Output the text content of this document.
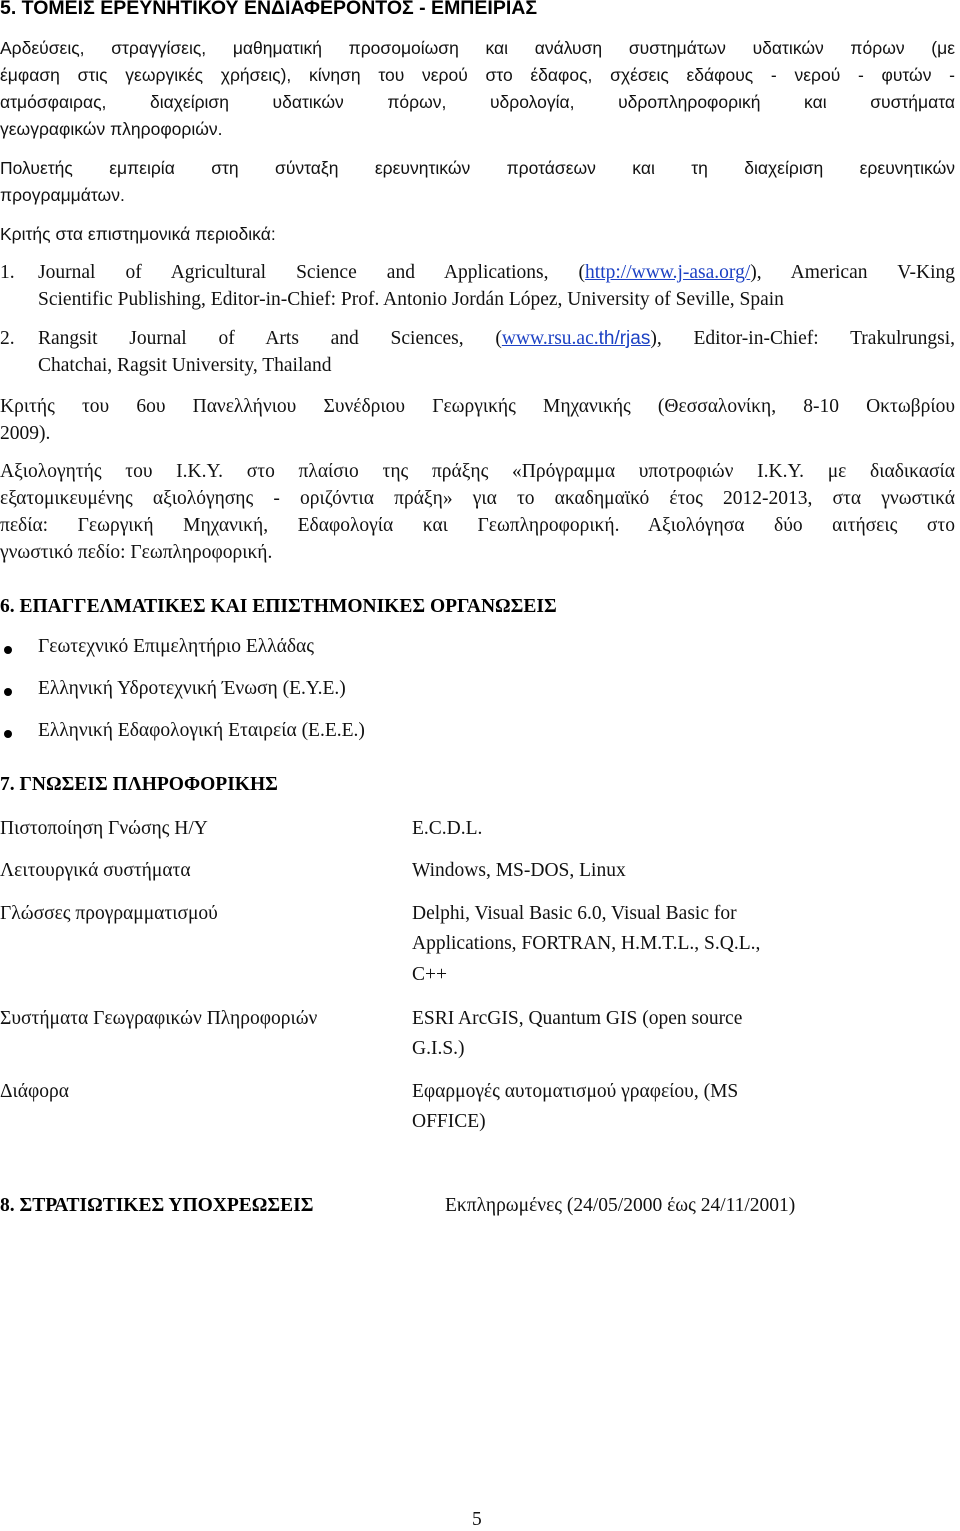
5. ΤΟΜΕΙΣ ΕΡΕΥΝΗΤΙΚΟΥ ΕΝΔΙΑΦΕΡΟΝΤΟΣ - ΕΜΠΕΙΡΙΑΣ
Αρδεύσεις, στραγγίσεις, μαθηματική προσομοίωση και ανάλυση συστημάτων υδατικών πόρων (με
έμφαση στις γεωργικές χρήσεις), κίνηση του νερού στο έδαφος, σχέσεις εδάφους - νερού - φυτών -
ατμόσφαιρας, διαχείριση υδατικών πόρων, υδρολογία, υδροπληροφορική και συστήματα
γεωγραφικών πληροφοριών.
Πολυετής εμπειρία στη σύνταξη ερευνητικών προτάσεων και τη διαχείριση ερευνητικών
προγραμμάτων.
Κριτής στα επιστημονικά περιοδικά:
1. Journal of Agricultural Science and Applications, (http://www.j-asa.org/), American V-King
Scientific Publishing, Editor-in-Chief: Prof. Antonio Jordán López, University of Seville, Spain
2. Rangsit Journal of Arts and Sciences, (www.rsu.ac.th/rjas), Editor-in-Chief: Trakulrungsi,
Chatchai, Ragsit University, Thailand
Κριτής του 6ου Πανελλήνιου Συνέδριου Γεωργικής Μηχανικής (Θεσσαλονίκη, 8-10 Οκτωβρίου
2009).
Αξιολογητής του Ι.Κ.Υ. στο πλαίσιο της πράξης «Πρόγραμμα υποτροφιών Ι.Κ.Υ. με διαδικασία
εξατομικευμένης αξιολόγησης - οριζόντια πράξη» για το ακαδημαϊκό έτος 2012-2013, στα γνωστικά
πεδία: Γεωργική Μηχανική, Εδαφολογία και Γεωπληροφορική. Αξιολόγησα δύο αιτήσεις στο
γνωστικό πεδίο: Γεωπληροφορική.
6. ΕΠΑΓΓΕΛΜΑΤΙΚΕΣ ΚΑΙ ΕΠΙΣΤΗΜΟΝΙΚΕΣ ΟΡΓΑΝΩΣΕΙΣ
Γεωτεχνικό Επιμελητήριο Ελλάδας
Ελληνική Υδροτεχνική Ένωση (Ε.Υ.Ε.)
Ελληνική Εδαφολογική Εταιρεία (Ε.Ε.Ε.)
7. ΓΝΩΣΕΙΣ ΠΛΗΡΟΦΟΡΙΚΗΣ
Πιστοποίηση Γνώσης Η/Υ	E.C.D.L.
Λειτουργικά συστήματα	Windows, MS-DOS, Linux
Γλώσσες προγραμματισμού	Delphi, Visual Basic 6.0, Visual Basic for
Applications, FORTRAN, H.M.T.L., S.Q.L.,
C++
Συστήματα Γεωγραφικών Πληροφοριών	ESRI ArcGIS, Quantum GIS (open source
G.I.S.)
Διάφορα	Εφαρμογές αυτοματισμού γραφείου, (MS
OFFICE)
8. ΣΤΡΑΤΙΩΤΙΚΕΣ ΥΠΟΧΡΕΩΣΕΙΣ	Εκπληρωμένες (24/05/2000 έως 24/11/2001)
5
